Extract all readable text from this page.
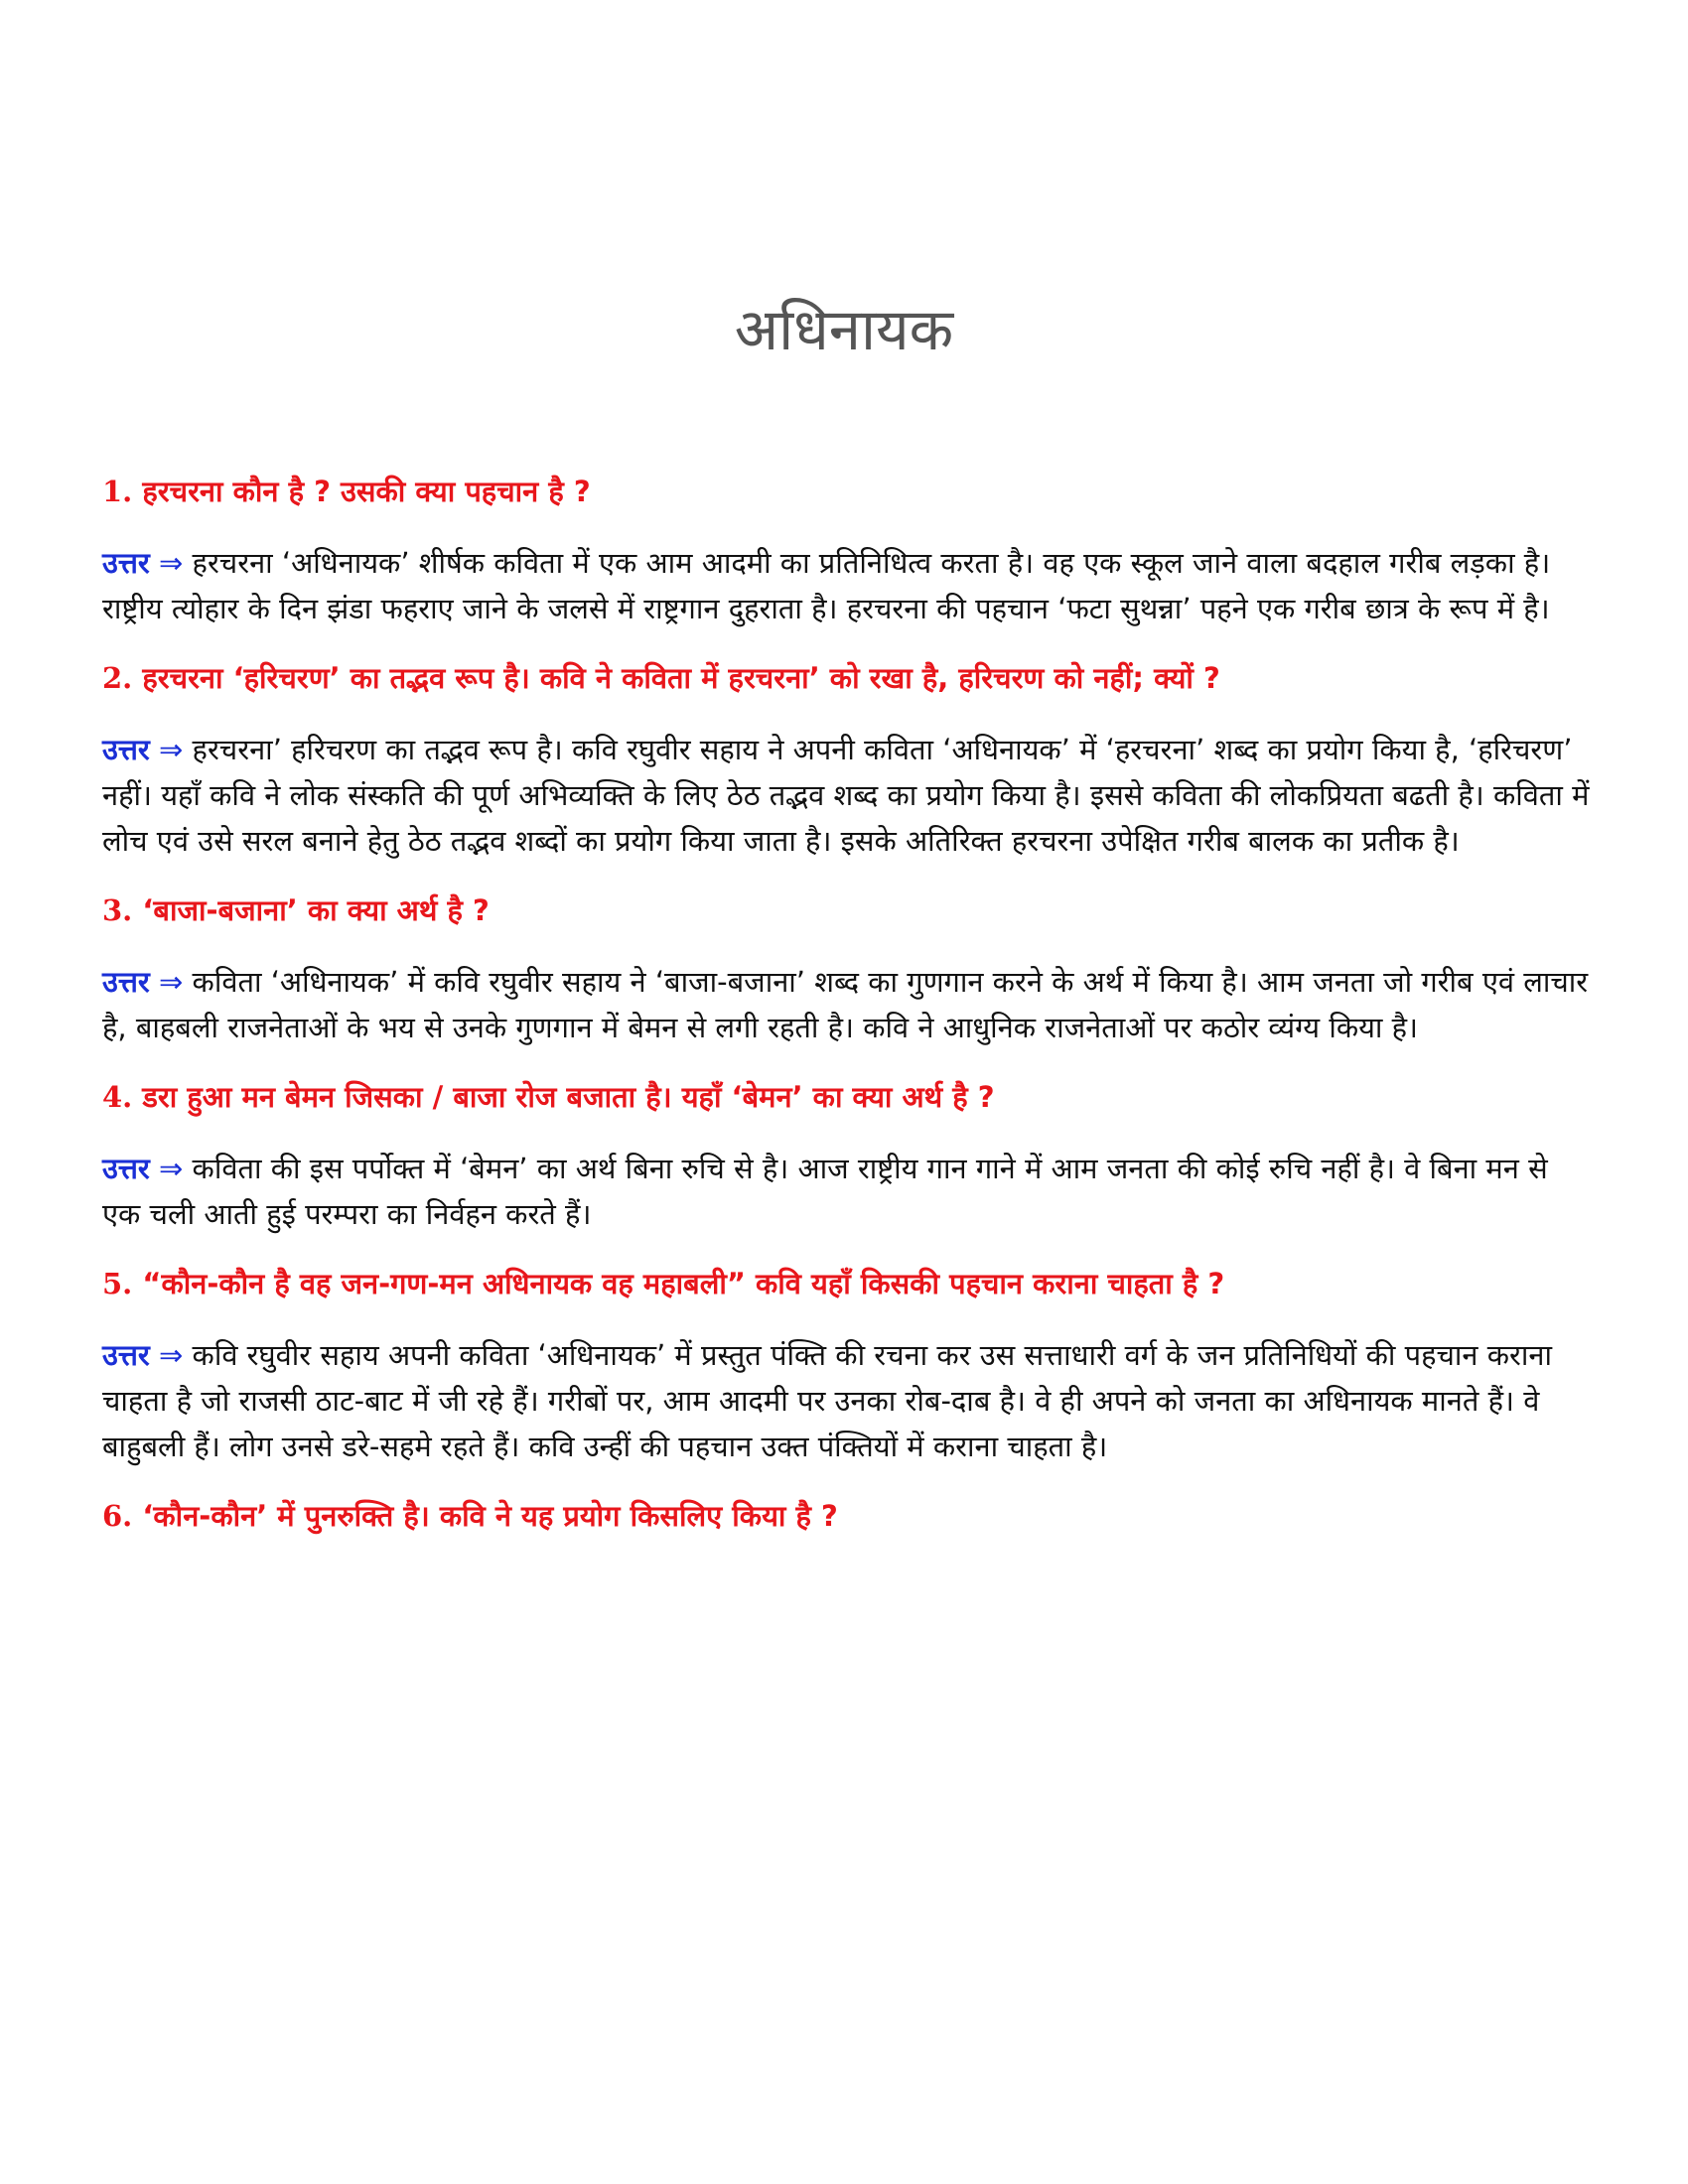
अधिनायक

1. हरचरना कौन है ? उसकी क्या पहचान है ?

उत्तर ⇒ हरचरना ‘अधिनायक’ शीर्षक कविता में एक आम आदमी का प्रतिनिधित्व करता है। वह एक स्कूल जाने वाला बदहाल गरीब लड़का है। राष्ट्रीय त्योहार के दिन झंडा फहराए जाने के जलसे में राष्ट्रगान दुहराता है। हरचरना की पहचान ‘फटा सुथन्ना’ पहने एक गरीब छात्र के रूप में है।

2. हरचरना ‘हरिचरण’ का तद्भव रूप है। कवि ने कविता में हरचरना’ को रखा है, हरिचरण को नहीं; क्यों ?

उत्तर ⇒ हरचरना’ हरिचरण का तद्भव रूप है। कवि रघुवीर सहाय ने अपनी कविता ‘अधिनायक’ में ‘हरचरना’ शब्द का प्रयोग किया है, ‘हरिचरण’ नहीं। यहाँ कवि ने लोक संस्कति की पूर्ण अभिव्यक्ति के लिए ठेठ तद्भव शब्द का प्रयोग किया है। इससे कविता की लोकप्रियता बढती है। कविता में लोच एवं उसे सरल बनाने हेतु ठेठ तद्भव शब्दों का प्रयोग किया जाता है। इसके अतिरिक्त हरचरना उपेक्षित गरीब बालक का प्रतीक है।

3. ‘बाजा-बजाना’ का क्या अर्थ है ?

उत्तर ⇒ कविता ‘अधिनायक’ में कवि रघुवीर सहाय ने ‘बाजा-बजाना’ शब्द का गुणगान करने के अर्थ में किया है। आम जनता जो गरीब एवं लाचार है, बाहबली राजनेताओं के भय से उनके गुणगान में बेमन से लगी रहती है। कवि ने आधुनिक राजनेताओं पर कठोर व्यंग्य किया है।

4. डरा हुआ मन बेमन जिसका / बाजा रोज बजाता है। यहाँ ‘बेमन’ का क्या अर्थ है ?

उत्तर ⇒ कविता की इस पर्पोक्त में ‘बेमन’ का अर्थ बिना रुचि से है। आज राष्ट्रीय गान गाने में आम जनता की कोई रुचि नहीं है। वे बिना मन से एक चली आती हुई परम्परा का निर्वहन करते हैं।

5. “कौन-कौन है वह जन-गण-मन अधिनायक वह महाबली” कवि यहाँ किसकी पहचान कराना चाहता है ?

उत्तर ⇒ कवि रघुवीर सहाय अपनी कविता ‘अधिनायक’ में प्रस्तुत पंक्ति की रचना कर उस सत्ताधारी वर्ग के जन प्रतिनिधियों की पहचान कराना चाहता है जो राजसी ठाट-बाट में जी रहे हैं। गरीबों पर, आम आदमी पर उनका रोब-दाब है। वे ही अपने को जनता का अधिनायक मानते हैं। वे बाहुबली हैं। लोग उनसे डरे-सहमे रहते हैं। कवि उन्हीं की पहचान उक्त पंक्तियों में कराना चाहता है।

6. ‘कौन-कौन’ में पुनरुक्ति है। कवि ने यह प्रयोग किसलिए किया है ?
